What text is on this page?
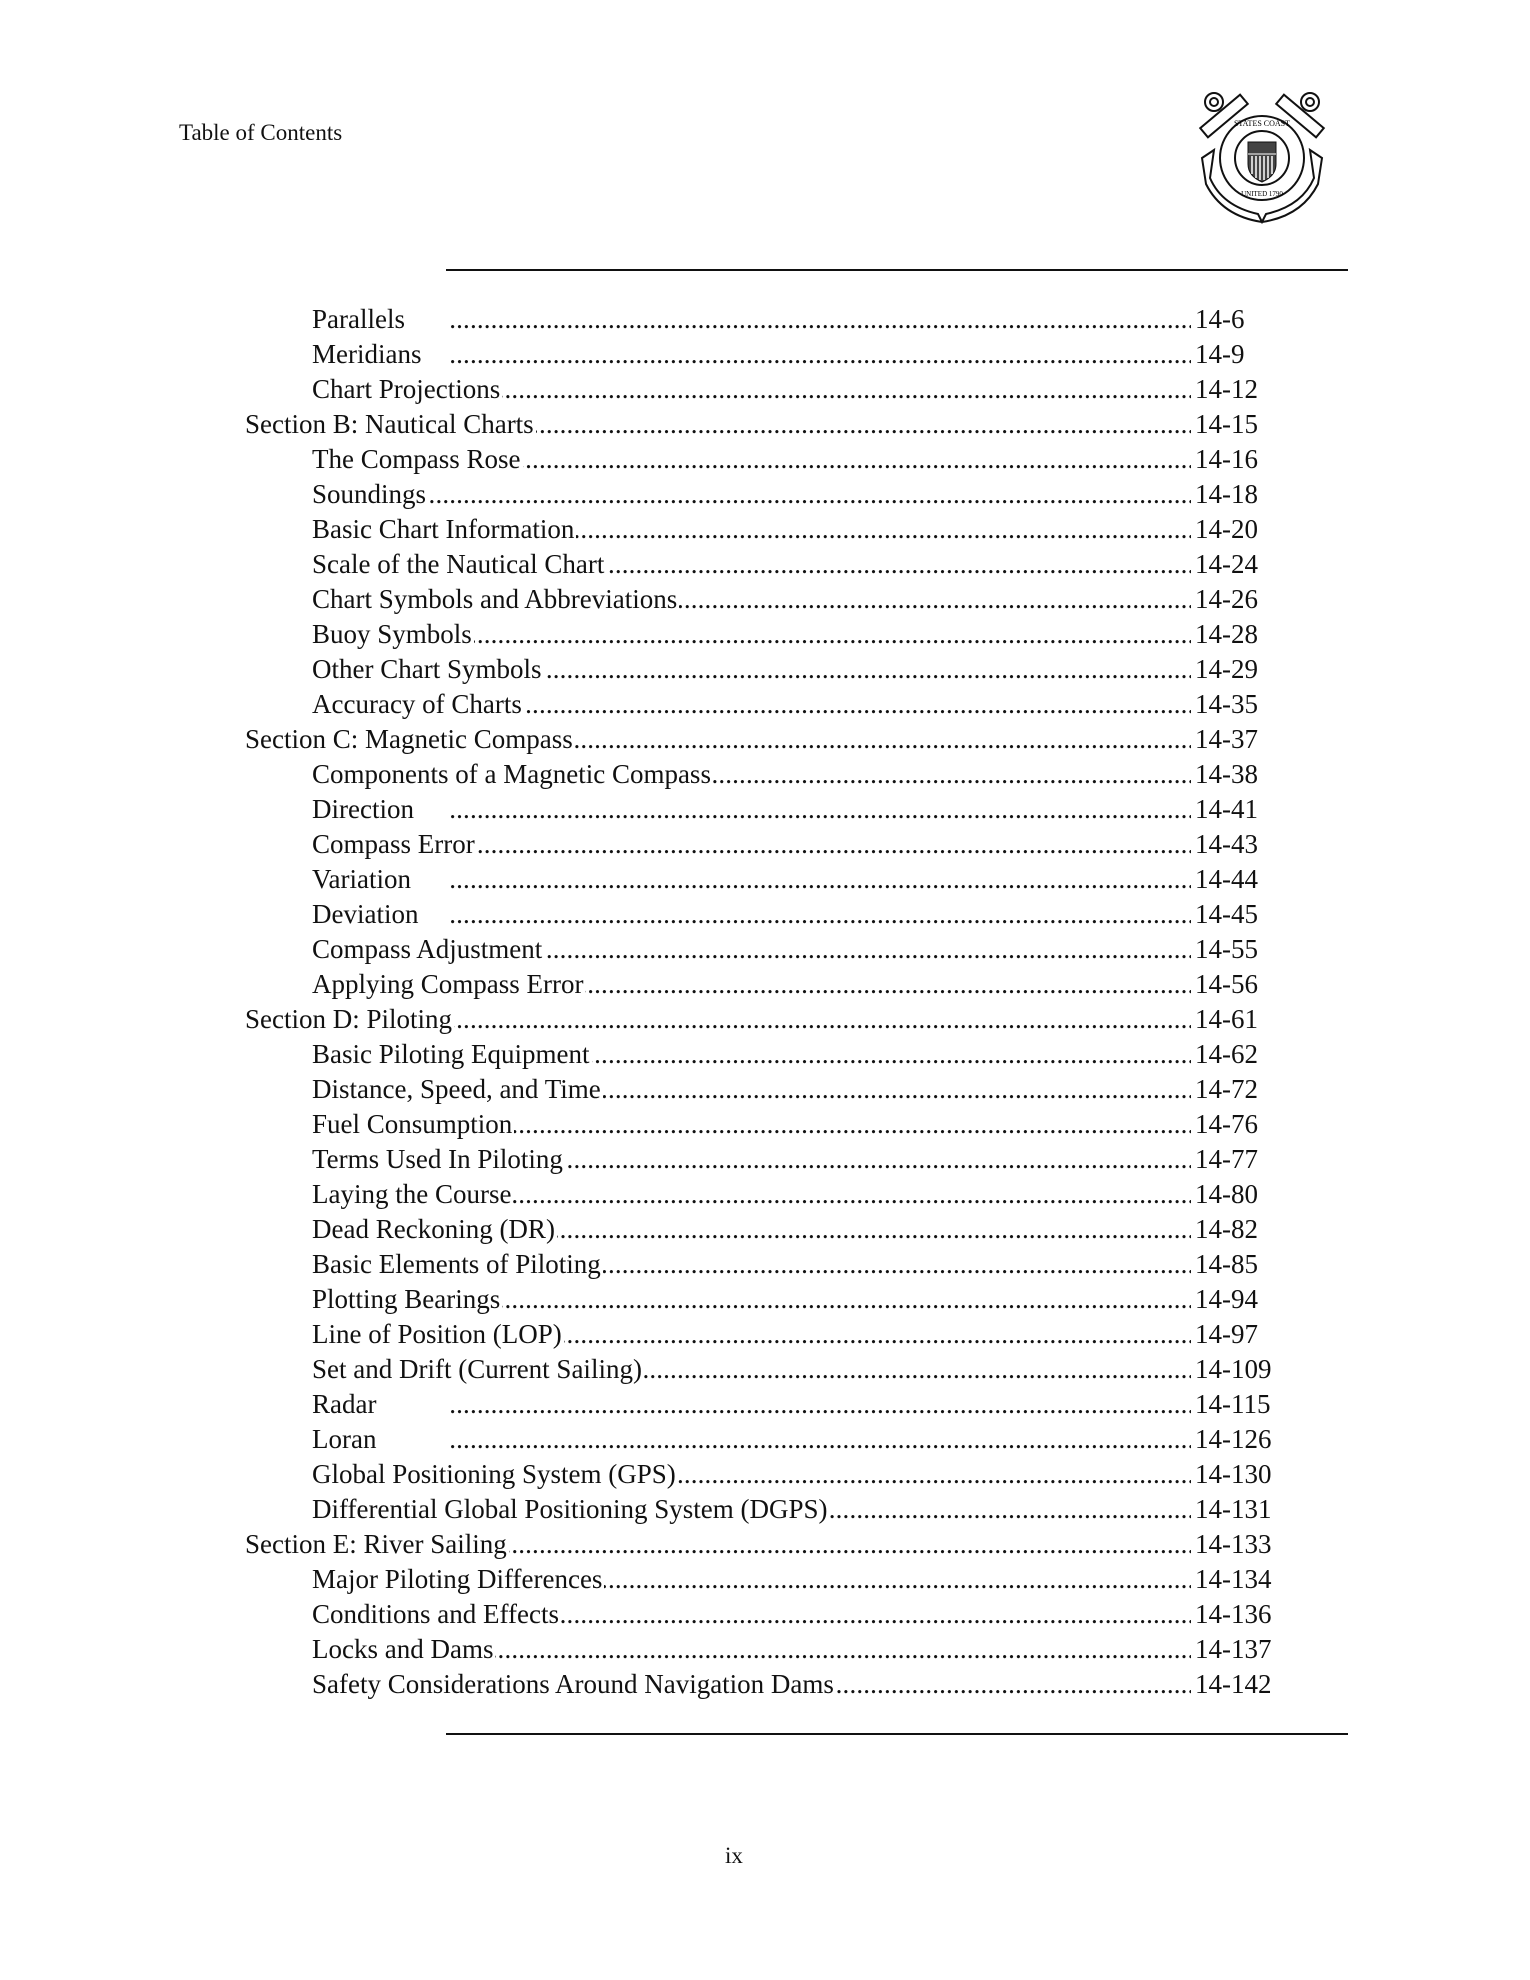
Table of Contents	STATES COAST
UNITED 1790
Parallels . . .	14-6
Meridians . . .	14-9
Chart Projections . . .	14-12
Section B: Nautical Charts . . .	14-15
The Compass Rose . . .	14-16
Soundings . . .	14-18
Basic Chart Information . . .	14-20
Scale of the Nautical Chart . . .	14-24
Chart Symbols and Abbreviations . . .	14-26
Buoy Symbols . . .	14-28
Other Chart Symbols . . .	14-29
Accuracy of Charts . . .	14-35
Section C: Magnetic Compass . . .	14-37
Components of a Magnetic Compass . . .	14-38
Direction . . .	14-41
Compass Error . . .	14-43
Variation . . .	14-44
Deviation . . .	14-45
Compass Adjustment . . .	14-55
Applying Compass Error . . .	14-56
Section D: Piloting . . .	14-61
Basic Piloting Equipment . . .	14-62
Distance, Speed, and Time . . .	14-72
Fuel Consumption . . .	14-76
Terms Used In Piloting . . .	14-77
Laying the Course . . .	14-80
Dead Reckoning (DR) . . .	14-82
Basic Elements of Piloting . . .	14-85
Plotting Bearings . . .	14-94
Line of Position (LOP) . . .	14-97
Set and Drift (Current Sailing) . . .	14-109
Radar . . .	14-115
Loran . . .	14-126
Global Positioning System (GPS) . . .	14-130
Differential Global Positioning System (DGPS) . . .	14-131
Section E: River Sailing . . .	14-133
Major Piloting Differences . . .	14-134
Conditions and Effects . . .	14-136
Locks and Dams . . .	14-137
Safety Considerations Around Navigation Dams . . .	14-142
ix
